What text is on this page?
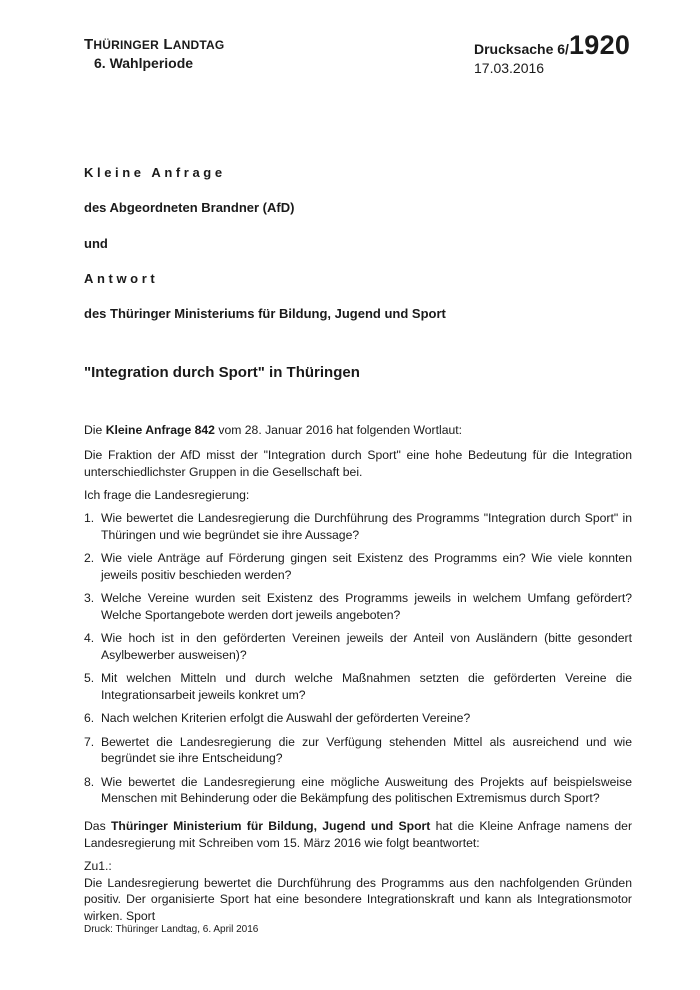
THÜRINGER LANDTAG
6. Wahlperiode
Drucksache 6/1920
17.03.2016
Kleine Anfrage
des Abgeordneten Brandner (AfD)
und
Antwort
des Thüringer Ministeriums für Bildung, Jugend und Sport
"Integration durch Sport" in Thüringen
Die Kleine Anfrage 842 vom 28. Januar 2016 hat folgenden Wortlaut:
Die Fraktion der AfD misst der "Integration durch Sport" eine hohe Bedeutung für die Integration unterschiedlichster Gruppen in die Gesellschaft bei.
Ich frage die Landesregierung:
1. Wie bewertet die Landesregierung die Durchführung des Programms "Integration durch Sport" in Thüringen und wie begründet sie ihre Aussage?
2. Wie viele Anträge auf Förderung gingen seit Existenz des Programms ein? Wie viele konnten jeweils positiv beschieden werden?
3. Welche Vereine wurden seit Existenz des Programms jeweils in welchem Umfang gefördert? Welche Sportangebote werden dort jeweils angeboten?
4. Wie hoch ist in den geförderten Vereinen jeweils der Anteil von Ausländern (bitte gesondert Asylbewerber ausweisen)?
5. Mit welchen Mitteln und durch welche Maßnahmen setzten die geförderten Vereine die Integrationsarbeit jeweils konkret um?
6. Nach welchen Kriterien erfolgt die Auswahl der geförderten Vereine?
7. Bewertet die Landesregierung die zur Verfügung stehenden Mittel als ausreichend und wie begründet sie ihre Entscheidung?
8. Wie bewertet die Landesregierung eine mögliche Ausweitung des Projekts auf beispielsweise Menschen mit Behinderung oder die Bekämpfung des politischen Extremismus durch Sport?
Das Thüringer Ministerium für Bildung, Jugend und Sport hat die Kleine Anfrage namens der Landesregierung mit Schreiben vom 15. März 2016 wie folgt beantwortet:
Zu1.:
Die Landesregierung bewertet die Durchführung des Programms aus den nachfolgenden Gründen positiv. Der organisierte Sport hat eine besondere Integrationskraft und kann als Integrationsmotor wirken. Sport
Druck: Thüringer Landtag, 6. April 2016
